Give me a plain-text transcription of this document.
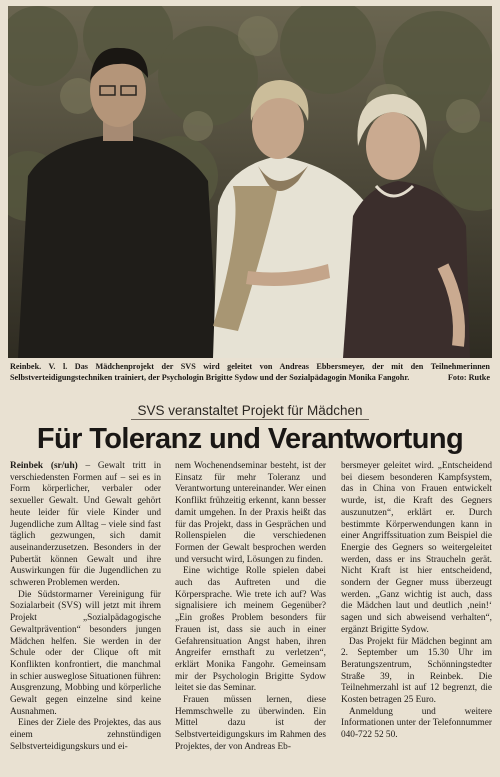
Reinbek. V. l. Das Mädchenprojekt der SVS wird geleitet von Andreas Ebbersmeyer, der mit den Teilnehmerinnen Selbstverteidigungstechniken trainiert, der Psychologin Brigitte Sydow und der Sozialpädagogin Monika Fangohr.	Foto: Rutke

SVS veranstaltet Projekt für Mädchen
Für Toleranz und Verantwortung

Reinbek (sr/uh) – Gewalt tritt in verschiedensten Formen auf – sei es in Form körperlicher, verbaler oder sexueller Gewalt. Und Gewalt gehört heute leider für viele Kinder und Jugendliche zum Alltag – viele sind fast täglich gezwungen, sich damit auseinanderzusetzen. Besonders in der Pubertät können Gewalt und ihre Auswirkungen für die Jugendlichen zu schweren Problemen werden.

Die Südstormarner Vereinigung für Sozialarbeit (SVS) will jetzt mit ihrem Projekt „Sozialpädagogische Gewaltprävention“ besonders jungen Mädchen helfen. Sie werden in der Schule oder der Clique oft mit Konflikten konfrontiert, die manchmal in schier ausweglose Situationen führen: Ausgrenzung, Mobbing und körperliche Gewalt gegen einzelne sind keine Ausnahmen.

Eines der Ziele des Projektes, das aus einem zehnstündigen Selbstverteidigungskurs und ei-

nem Wochenendseminar besteht, ist der Einsatz für mehr Toleranz und Verantwortung untereinander. Wer einen Konflikt frühzeitig erkennt, kann besser damit umgehen. In der Praxis heißt das für das Projekt, dass in Gesprächen und Rollenspielen die verschiedenen Formen der Gewalt besprochen werden und versucht wird, Lösungen zu finden.

Eine wichtige Rolle spielen dabei auch das Auftreten und die Körpersprache. Wie trete ich auf? Was signalisiere ich meinem Gegenüber? „Ein großes Problem besonders für Frauen ist, dass sie auch in einer Gefahrensituation Angst haben, ihren Angreifer ernsthaft zu verletzen“, erklärt Monika Fangohr. Gemeinsam mir der Psychologin Brigitte Sydow leitet sie das Seminar.

Frauen müssen lernen, diese Hemmschwelle zu überwinden. Ein Mittel dazu ist der Selbstverteidigungskurs im Rahmen des Projektes, der von Andreas Eb-

bersmeyer geleitet wird. „Entscheidend bei diesem besonderen Kampfsystem, das in China von Frauen entwickelt wurde, ist, die Kraft des Gegners auszunutzen“, erklärt er. Durch bestimmte Körperwendungen kann in einer Angriffssituation zum Beispiel die Energie des Gegners so weitergeleitet werden, dass er ins Straucheln gerät. Nicht Kraft ist hier entscheidend, sondern der Gegner muss überzeugt werden. „Ganz wichtig ist auch, dass die Mädchen laut und deutlich ‚nein!‘ sagen und sich abweisend verhalten“, ergänzt Brigitte Sydow.

Das Projekt für Mädchen beginnt am 2. September um 15.30 Uhr im Beratungszentrum, Schönningstedter Straße 39, in Reinbek. Die Teilnehmerzahl ist auf 12 begrenzt, die Kosten betragen 25 Euro.

Anmeldung und weitere Informationen unter der Telefonnummer 040-722 52 50.
